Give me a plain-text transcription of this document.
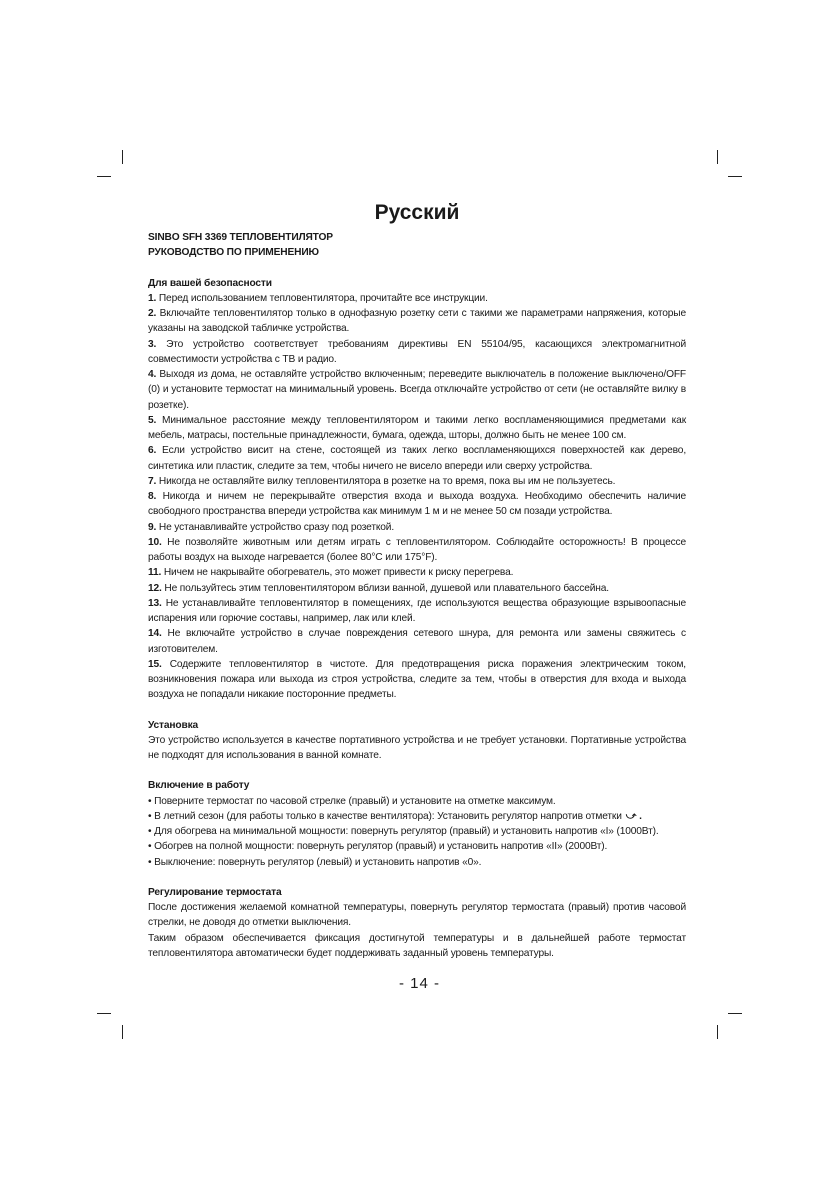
Русский
SINBO SFH 3369 ТЕПЛОВЕНТИЛЯТОР
РУКОВОДСТВО ПО ПРИМЕНЕНИЮ
Для вашей безопасности
1. Перед использованием тепловентилятора, прочитайте все инструкции.
2. Включайте тепловентилятор только в однофазную розетку сети с такими же параметрами напряжения, которые указаны на заводской табличке устройства.
3. Это устройство соответствует требованиям директивы EN 55104/95, касающихся электромагнитной совместимости устройства с ТВ и радио.
4. Выходя из дома, не оставляйте устройство включенным; переведите выключатель в положение выключено/OFF (0) и установите термостат на минимальный уровень. Всегда отключайте устройство от сети (не оставляйте вилку в розетке).
5. Минимальное расстояние между тепловентилятором и такими легко воспламеняющимися предметами как мебель, матрасы, постельные принадлежности, бумага, одежда, шторы, должно быть не менее 100 см.
6. Если устройство висит на стене, состоящей из таких легко воспламеняющихся поверхностей как дерево, синтетика или пластик, следите за тем, чтобы ничего не висело впереди или сверху устройства.
7. Никогда не оставляйте вилку тепловентилятора в розетке на то время, пока вы им не пользуетесь.
8. Никогда и ничем не перекрывайте отверстия входа и выхода воздуха. Необходимо обеспечить наличие свободного пространства впереди устройства как минимум 1 м и не менее 50 см позади устройства.
9. Не устанавливайте устройство сразу под розеткой.
10. Не позволяйте животным или детям играть с тепловентилятором. Соблюдайте осторожность! В процессе работы воздух на выходе нагревается (более 80°C или 175°F).
11. Ничем не накрывайте обогреватель, это может привести к риску перегрева.
12. Не пользуйтесь этим тепловентилятором вблизи ванной, душевой или плавательного бассейна.
13. Не устанавливайте тепловентилятор в помещениях, где используются вещества образующие взрывоопасные испарения или горючие составы, например, лак или клей.
14. Не включайте устройство в случае повреждения сетевого шнура, для ремонта или замены свяжитесь с изготовителем.
15. Содержите тепловентилятор в чистоте. Для предотвращения риска поражения электрическим током, возникновения пожара или выхода из строя устройства, следите за тем, чтобы в отверстия для входа и выхода воздуха не попадали никакие посторонние предметы.
Установка
Это устройство используется в качестве портативного устройства и не требует установки. Портативные устройства не подходят для использования в ванной комнате.
Включение в работу
• Поверните термостат по часовой стрелке (правый) и установите на отметке максимум.
• В летний сезон (для работы только в качестве вентилятора): Установить регулятор напротив отметки ⤻ .
• Для обогрева на минимальной мощности: повернуть регулятор (правый) и установить напротив «I» (1000Вт).
• Обогрев на полной мощности: повернуть регулятор (правый) и установить напротив «II» (2000Вт).
• Выключение: повернуть регулятор (левый) и установить напротив «0».
Регулирование термостата
После достижения желаемой комнатной температуры, повернуть регулятор термостата (правый) против часовой стрелки, не доводя до отметки выключения.
Таким образом обеспечивается фиксация достигнутой температуры и в дальнейшей работе термостат тепловентилятора автоматически будет поддерживать заданный уровень температуры.
- 14 -
